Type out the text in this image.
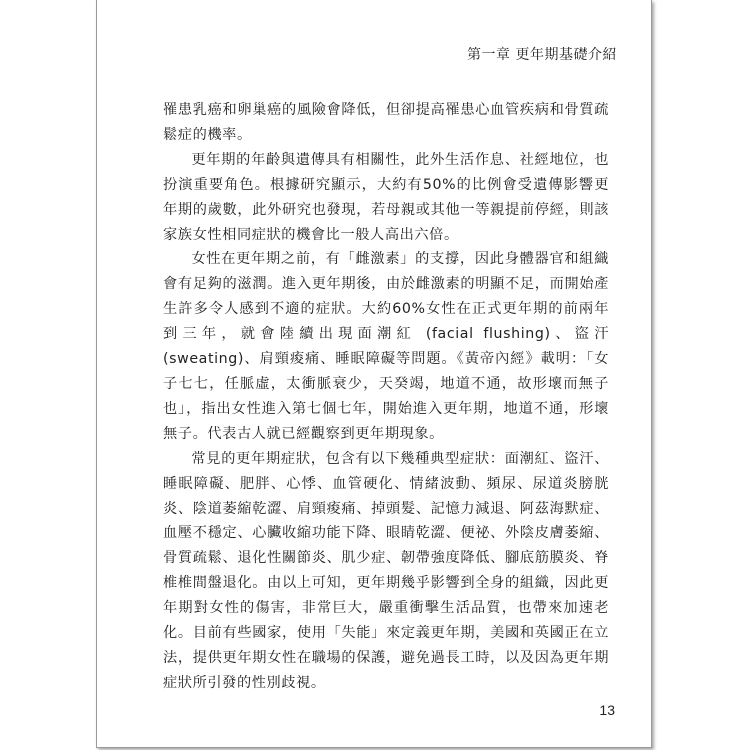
第一章 更年期基礎介紹

罹患乳癌和卵巢癌的風險會降低，但卻提高罹患心血管疾病和骨質疏鬆症的機率。

更年期的年齡與遺傳具有相關性，此外生活作息、社經地位，也扮演重要角色。根據研究顯示，大約有50%的比例會受遺傳影響更年期的歲數，此外研究也發現，若母親或其他一等親提前停經，則該家族女性相同症狀的機會比一般人高出六倍。

女性在更年期之前，有「雌激素」的支撐，因此身體器官和組織會有足夠的滋潤。進入更年期後，由於雌激素的明顯不足，而開始產生許多令人感到不適的症狀。大約60%女性在正式更年期的前兩年到三年，就會陸續出現面潮紅 (facial flushing)、盜汗 (sweating)、肩頸痠痛、睡眠障礙等問題。《黃帝內經》載明：「女子七七，任脈虛，太衝脈衰少，天癸竭，地道不通，故形壞而無子也」，指出女性進入第七個七年，開始進入更年期，地道不通，形壞無子。代表古人就已經觀察到更年期現象。

常見的更年期症狀，包含有以下幾種典型症狀：面潮紅、盜汗、睡眠障礙、肥胖、心悸、血管硬化、情緒波動、頻尿、尿道炎膀胱炎、陰道萎縮乾澀、肩頸痠痛、掉頭髮、記憶力減退、阿茲海默症、血壓不穩定、心臟收縮功能下降、眼睛乾澀、便祕、外陰皮膚萎縮、骨質疏鬆、退化性關節炎、肌少症、韌帶強度降低、腳底筋膜炎、脊椎椎間盤退化。由以上可知，更年期幾乎影響到全身的組織，因此更年期對女性的傷害，非常巨大，嚴重衝擊生活品質，也帶來加速老化。目前有些國家，使用「失能」來定義更年期，美國和英國正在立法，提供更年期女性在職場的保護，避免過長工時，以及因為更年期症狀所引發的性別歧視。

13
